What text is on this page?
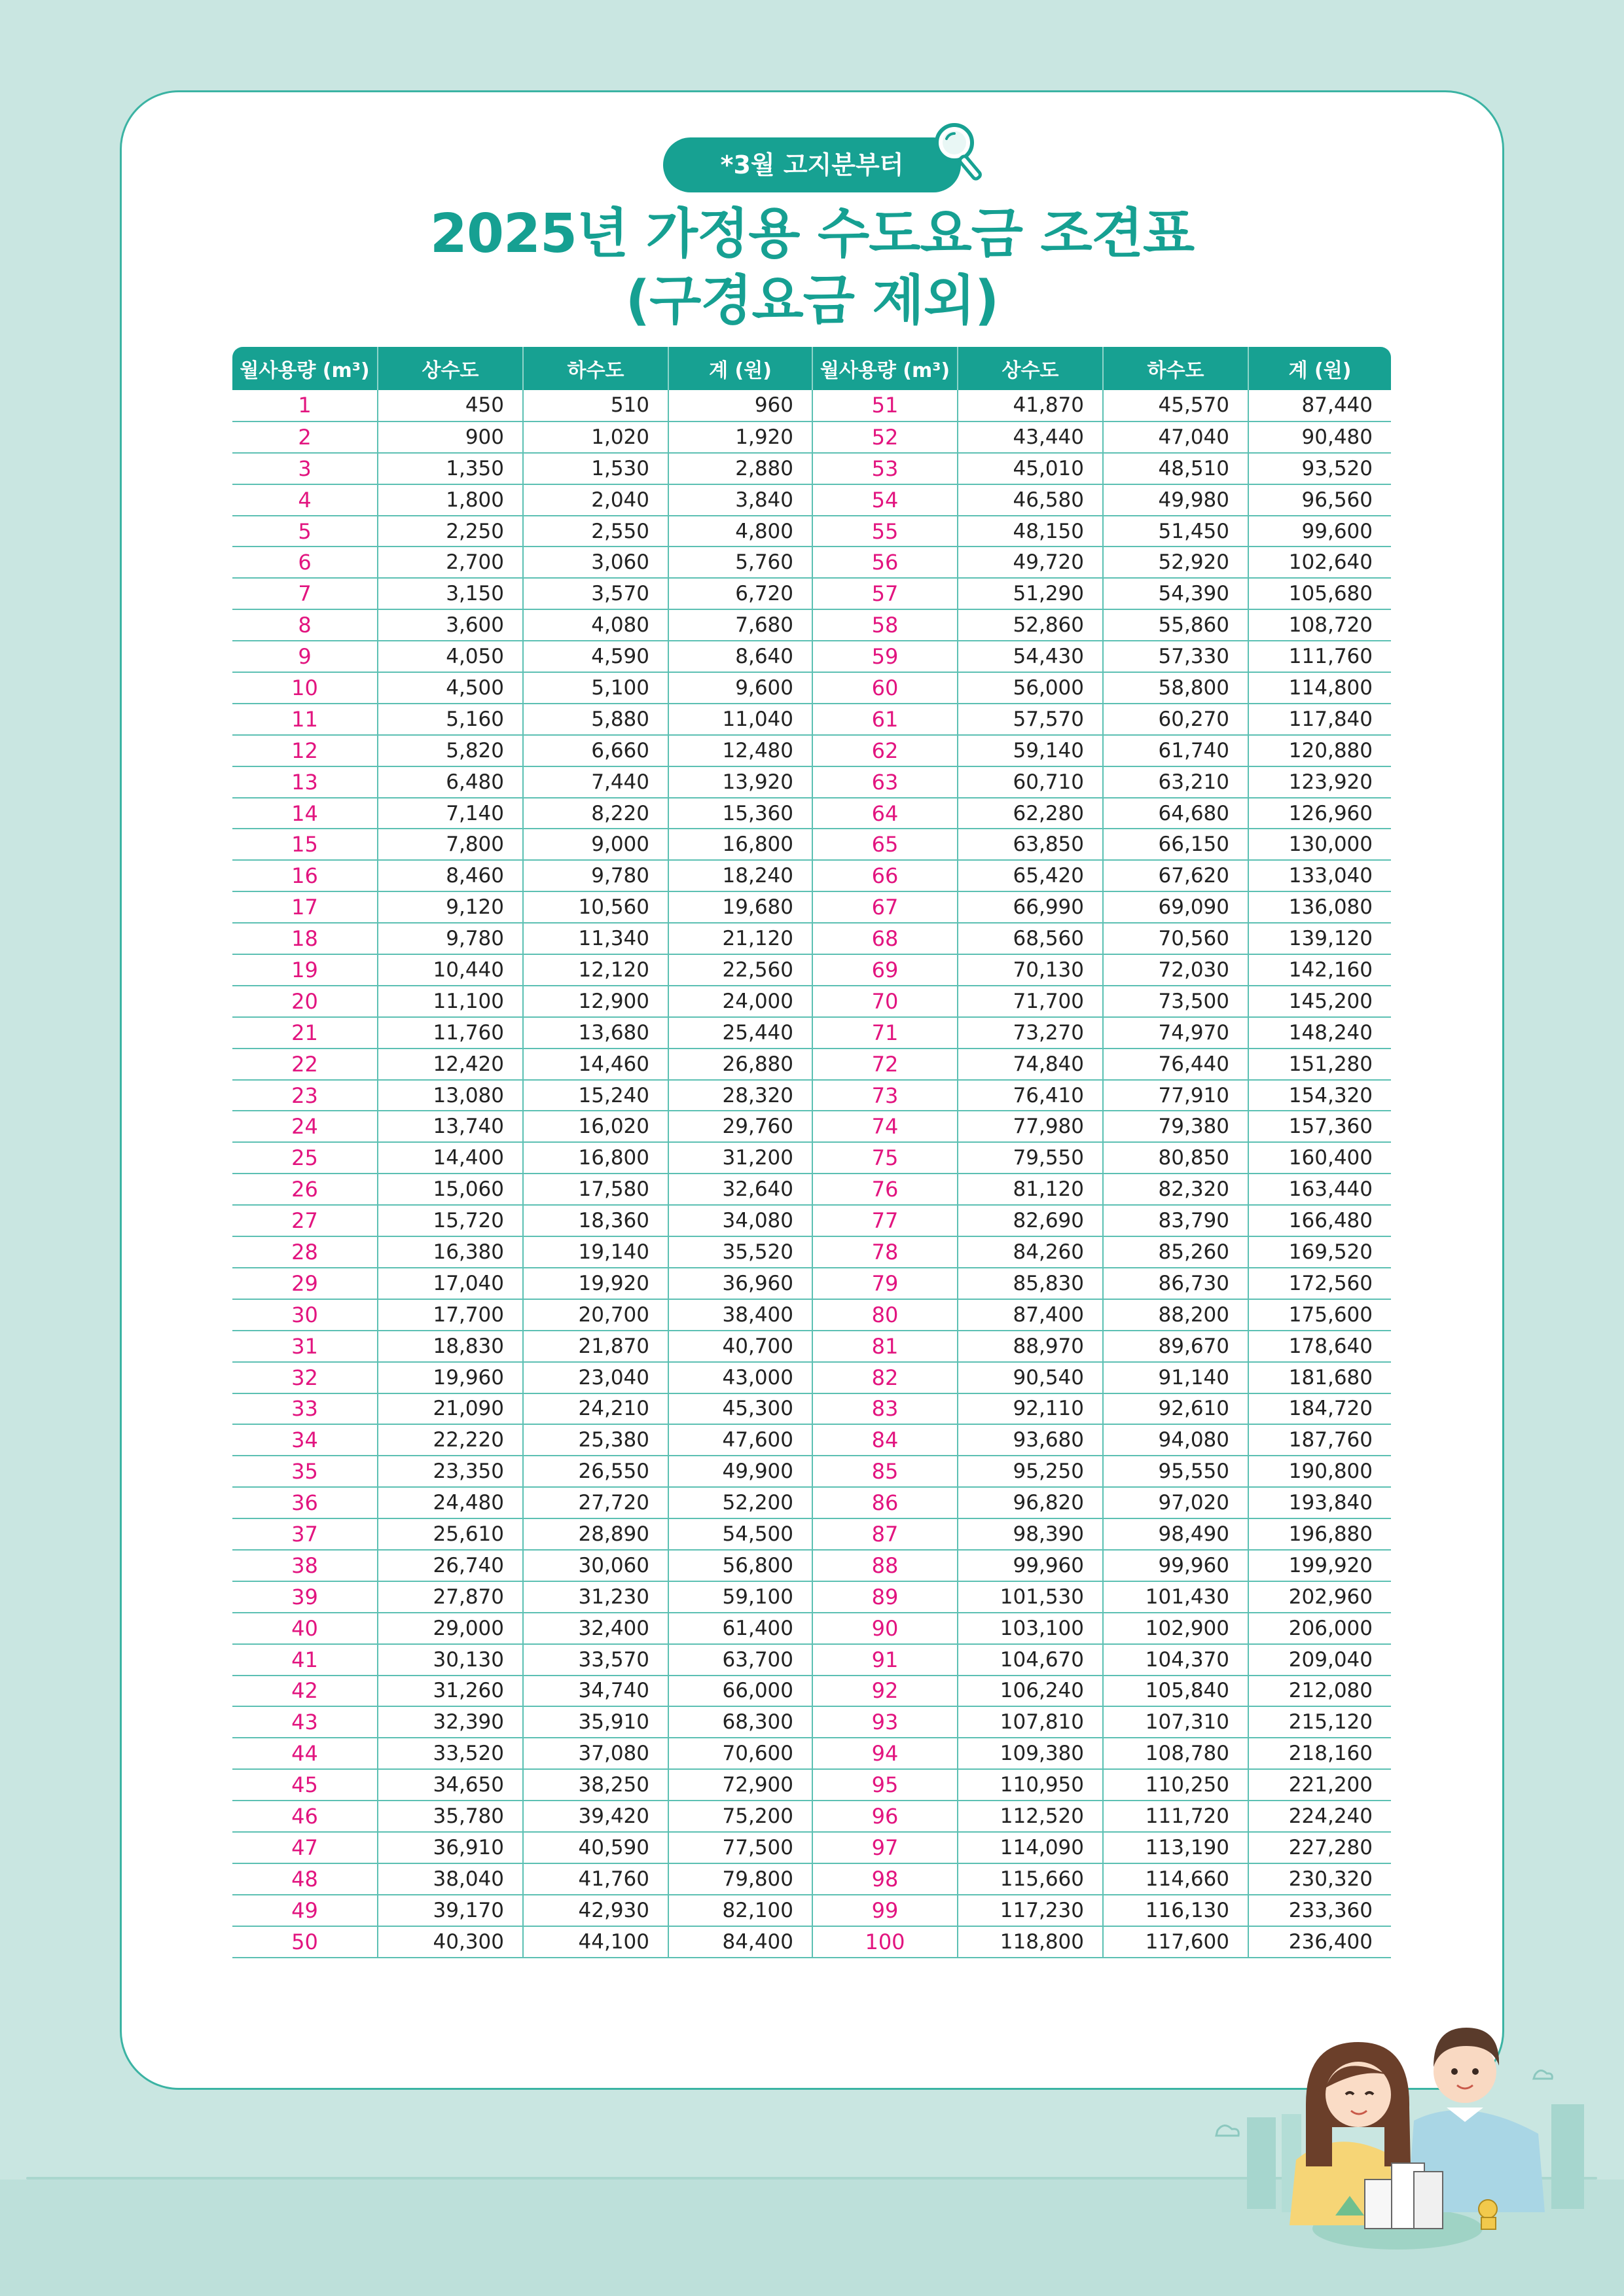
*3월 고지분부터
2025년 가정용 수도요금 조견표
(구경요금 제외)
월사용량 (m³)	상수도	하수도	계 (원)	월사용량 (m³)	상수도	하수도	계 (원)
1	450	510	960	51	41,870	45,570	87,440
2	900	1,020	1,920	52	43,440	47,040	90,480
3	1,350	1,530	2,880	53	45,010	48,510	93,520
4	1,800	2,040	3,840	54	46,580	49,980	96,560
5	2,250	2,550	4,800	55	48,150	51,450	99,600
6	2,700	3,060	5,760	56	49,720	52,920	102,640
7	3,150	3,570	6,720	57	51,290	54,390	105,680
8	3,600	4,080	7,680	58	52,860	55,860	108,720
9	4,050	4,590	8,640	59	54,430	57,330	111,760
10	4,500	5,100	9,600	60	56,000	58,800	114,800
11	5,160	5,880	11,040	61	57,570	60,270	117,840
12	5,820	6,660	12,480	62	59,140	61,740	120,880
13	6,480	7,440	13,920	63	60,710	63,210	123,920
14	7,140	8,220	15,360	64	62,280	64,680	126,960
15	7,800	9,000	16,800	65	63,850	66,150	130,000
16	8,460	9,780	18,240	66	65,420	67,620	133,040
17	9,120	10,560	19,680	67	66,990	69,090	136,080
18	9,780	11,340	21,120	68	68,560	70,560	139,120
19	10,440	12,120	22,560	69	70,130	72,030	142,160
20	11,100	12,900	24,000	70	71,700	73,500	145,200
21	11,760	13,680	25,440	71	73,270	74,970	148,240
22	12,420	14,460	26,880	72	74,840	76,440	151,280
23	13,080	15,240	28,320	73	76,410	77,910	154,320
24	13,740	16,020	29,760	74	77,980	79,380	157,360
25	14,400	16,800	31,200	75	79,550	80,850	160,400
26	15,060	17,580	32,640	76	81,120	82,320	163,440
27	15,720	18,360	34,080	77	82,690	83,790	166,480
28	16,380	19,140	35,520	78	84,260	85,260	169,520
29	17,040	19,920	36,960	79	85,830	86,730	172,560
30	17,700	20,700	38,400	80	87,400	88,200	175,600
31	18,830	21,870	40,700	81	88,970	89,670	178,640
32	19,960	23,040	43,000	82	90,540	91,140	181,680
33	21,090	24,210	45,300	83	92,110	92,610	184,720
34	22,220	25,380	47,600	84	93,680	94,080	187,760
35	23,350	26,550	49,900	85	95,250	95,550	190,800
36	24,480	27,720	52,200	86	96,820	97,020	193,840
37	25,610	28,890	54,500	87	98,390	98,490	196,880
38	26,740	30,060	56,800	88	99,960	99,960	199,920
39	27,870	31,230	59,100	89	101,530	101,430	202,960
40	29,000	32,400	61,400	90	103,100	102,900	206,000
41	30,130	33,570	63,700	91	104,670	104,370	209,040
42	31,260	34,740	66,000	92	106,240	105,840	212,080
43	32,390	35,910	68,300	93	107,810	107,310	215,120
44	33,520	37,080	70,600	94	109,380	108,780	218,160
45	34,650	38,250	72,900	95	110,950	110,250	221,200
46	35,780	39,420	75,200	96	112,520	111,720	224,240
47	36,910	40,590	77,500	97	114,090	113,190	227,280
48	38,040	41,760	79,800	98	115,660	114,660	230,320
49	39,170	42,930	82,100	99	117,230	116,130	233,360
50	40,300	44,100	84,400	100	118,800	117,600	236,400
